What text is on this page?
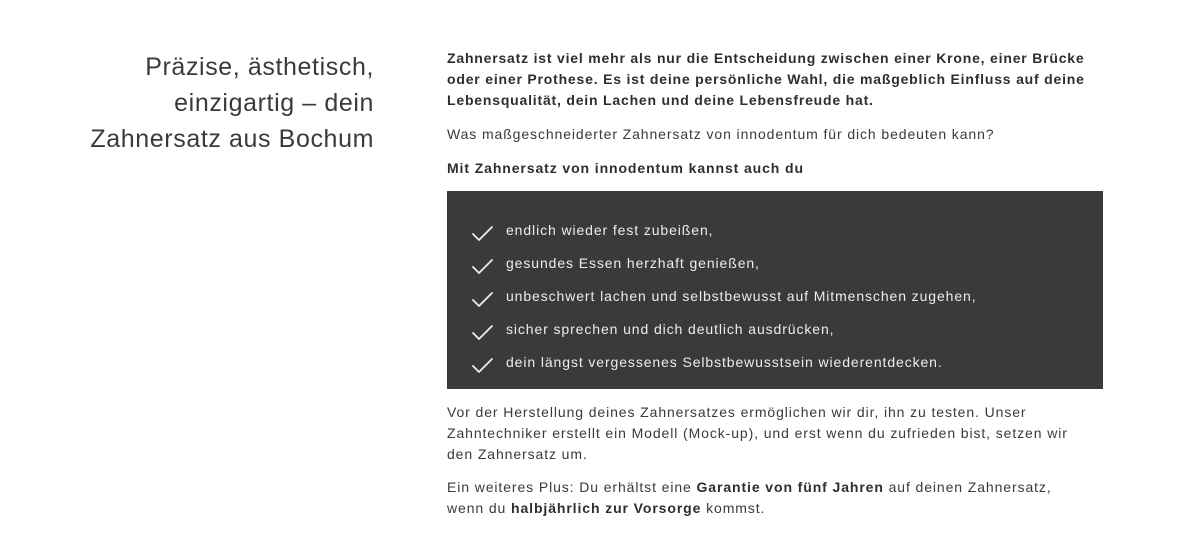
Präzise, ästhetisch,
einzigartig – dein
Zahnersatz aus Bochum

Zahnersatz ist viel mehr als nur die Entscheidung zwischen einer Krone, einer Brücke
oder einer Prothese. Es ist deine persönliche Wahl, die maßgeblich Einfluss auf deine
Lebensqualität, dein Lachen und deine Lebensfreude hat.

Was maßgeschneiderter Zahnersatz von innodentum für dich bedeuten kann?

Mit Zahnersatz von innodentum kannst auch du

endlich wieder fest zubeißen,
gesundes Essen herzhaft genießen,
unbeschwert lachen und selbstbewusst auf Mitmenschen zugehen,
sicher sprechen und dich deutlich ausdrücken,
dein längst vergessenes Selbstbewusstsein wiederentdecken.

Vor der Herstellung deines Zahnersatzes ermöglichen wir dir, ihn zu testen. Unser
Zahntechniker erstellt ein Modell (Mock-up), und erst wenn du zufrieden bist, setzen wir
den Zahnersatz um.

Ein weiteres Plus: Du erhältst eine Garantie von fünf Jahren auf deinen Zahnersatz,
wenn du halbjährlich zur Vorsorge kommst.
